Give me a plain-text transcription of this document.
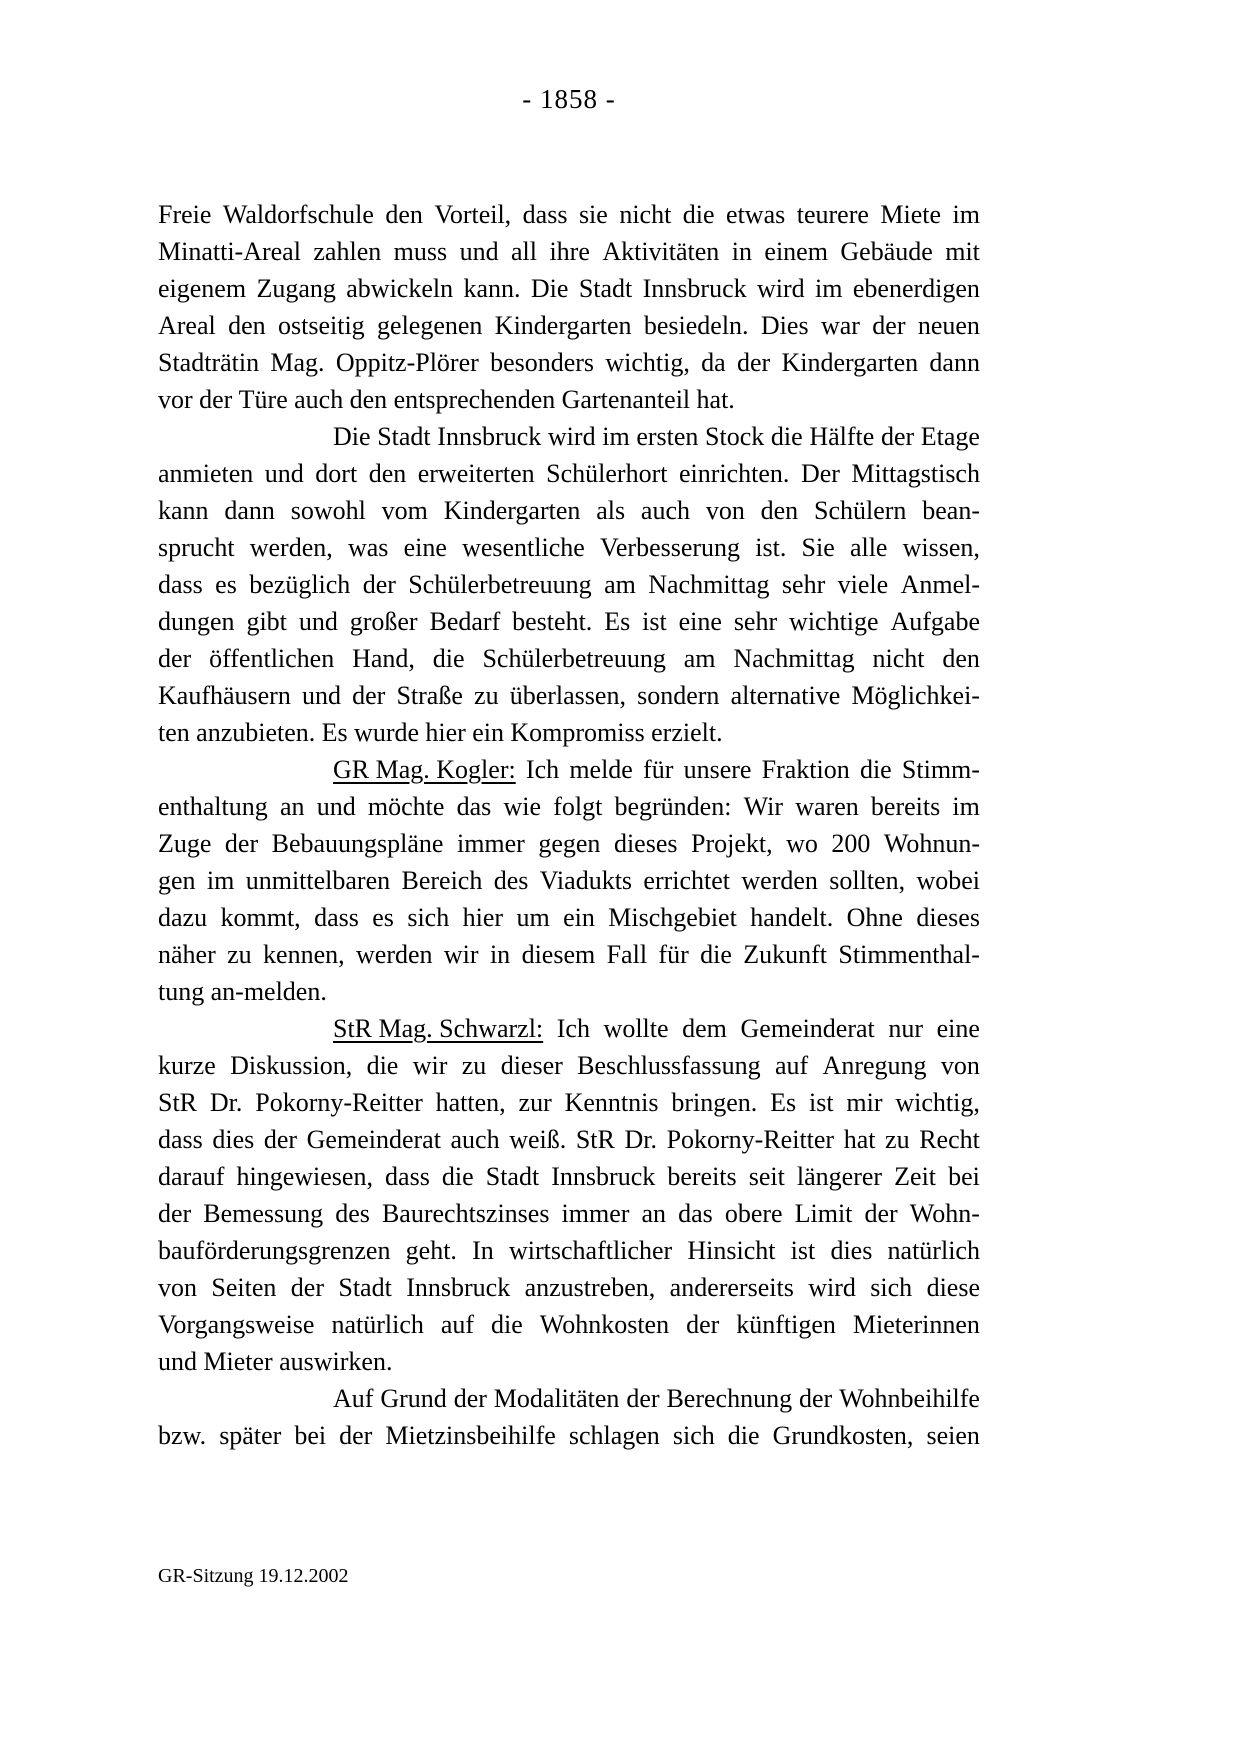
- 1858 -
Freie Waldorfschule den Vorteil, dass sie nicht die etwas teurere Miete im
Minatti-Areal zahlen muss und all ihre Aktivitäten in einem Gebäude mit
eigenem Zugang abwickeln kann. Die Stadt Innsbruck wird im ebenerdigen
Areal den ostseitig gelegenen Kindergarten besiedeln. Dies war der neuen
Stadträtin Mag. Oppitz-Plörer besonders wichtig, da der Kindergarten dann
vor der Türe auch den entsprechenden Gartenanteil hat.
Die Stadt Innsbruck wird im ersten Stock die Hälfte der Etage
anmieten und dort den erweiterten Schülerhort einrichten. Der Mittagstisch
kann dann sowohl vom Kindergarten als auch von den Schülern bean-
sprucht werden, was eine wesentliche Verbesserung ist. Sie alle wissen,
dass es bezüglich der Schülerbetreuung am Nachmittag sehr viele Anmel-
dungen gibt und großer Bedarf besteht. Es ist eine sehr wichtige Aufgabe
der öffentlichen Hand, die Schülerbetreuung am Nachmittag nicht den
Kaufhäusern und der Straße zu überlassen, sondern alternative Möglichkei-
ten anzubieten. Es wurde hier ein Kompromiss erzielt.
GR Mag. Kogler: Ich melde für unsere Fraktion die Stimm-
enthaltung an und möchte das wie folgt begründen: Wir waren bereits im
Zuge der Bebauungspläne immer gegen dieses Projekt, wo 200 Wohnun-
gen im unmittelbaren Bereich des Viadukts errichtet werden sollten, wobei
dazu kommt, dass es sich hier um ein Mischgebiet handelt. Ohne dieses
näher zu kennen, werden wir in diesem Fall für die Zukunft Stimmenthal-
tung an-melden.
StR Mag. Schwarzl: Ich wollte dem Gemeinderat nur eine
kurze Diskussion, die wir zu dieser Beschlussfassung auf Anregung von
StR Dr. Pokorny-Reitter hatten, zur Kenntnis bringen. Es ist mir wichtig,
dass dies der Gemeinderat auch weiß. StR Dr. Pokorny-Reitter hat zu Recht
darauf hingewiesen, dass die Stadt Innsbruck bereits seit längerer Zeit bei
der Bemessung des Baurechtszinses immer an das obere Limit der Wohn-
bauförderungsgrenzen geht. In wirtschaftlicher Hinsicht ist dies natürlich
von Seiten der Stadt Innsbruck anzustreben, andererseits wird sich diese
Vorgangsweise natürlich auf die Wohnkosten der künftigen Mieterinnen
und Mieter auswirken.
Auf Grund der Modalitäten der Berechnung der Wohnbeihilfe
bzw. später bei der Mietzinsbeihilfe schlagen sich die Grundkosten, seien
GR-Sitzung 19.12.2002
